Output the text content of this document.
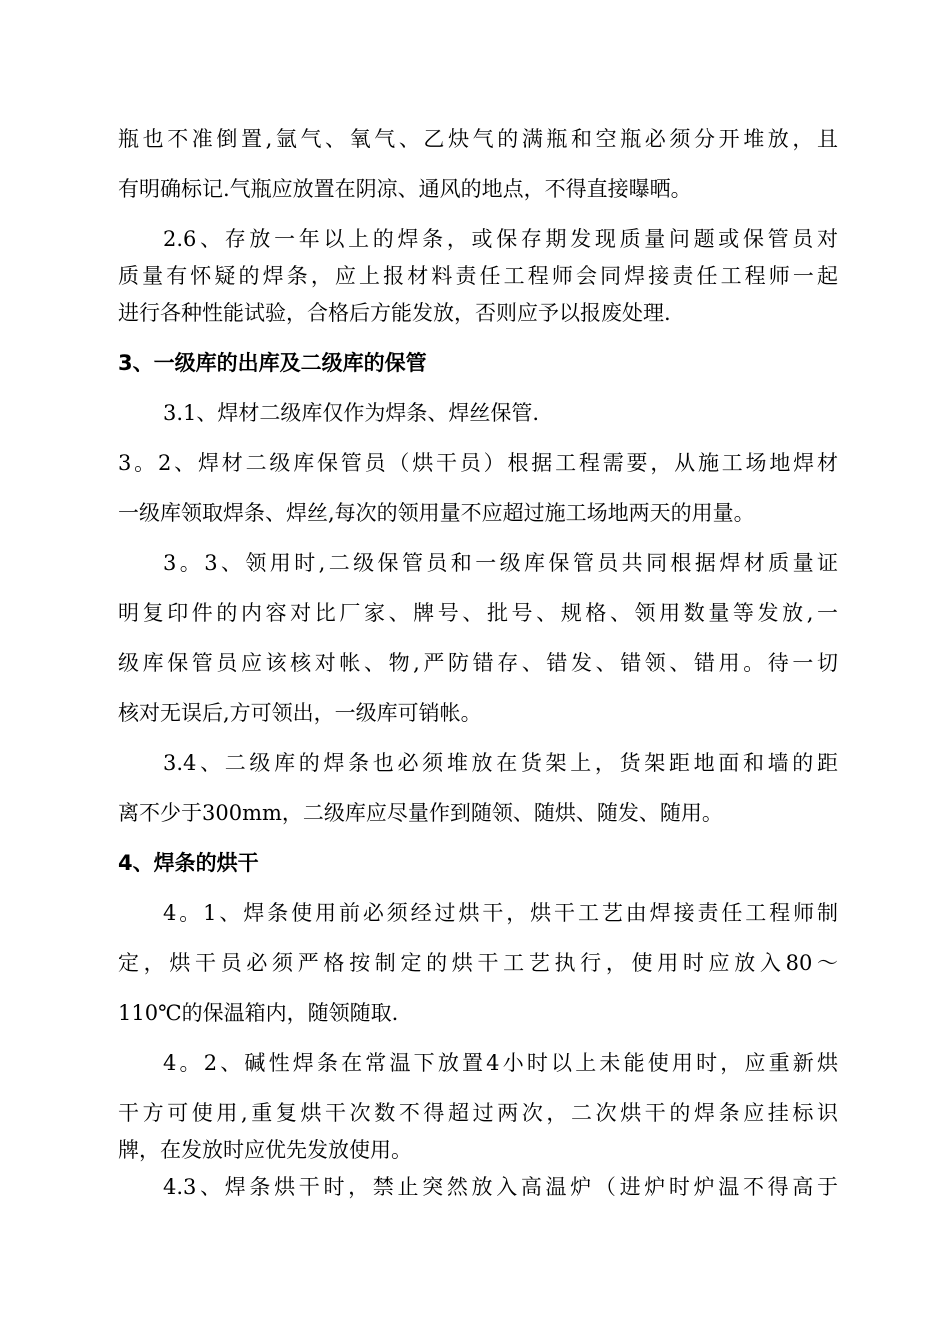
瓶也不准倒置,氩气、氧气、乙炔气的满瓶和空瓶必须分开堆放，且
有明确标记.气瓶应放置在阴凉、通风的地点，不得直接曝晒。
2.6、存放一年以上的焊条，或保存期发现质量问题或保管员对
质量有怀疑的焊条，应上报材料责任工程师会同焊接责任工程师一起
进行各种性能试验，合格后方能发放，否则应予以报废处理.
3、一级库的出库及二级库的保管
3.1、焊材二级库仅作为焊条、焊丝保管.
3。2、焊材二级库保管员（烘干员）根据工程需要，从施工场地焊材
一级库领取焊条、焊丝,每次的领用量不应超过施工场地两天的用量。
3。3、领用时,二级保管员和一级库保管员共同根据焊材质量证
明复印件的内容对比厂家、牌号、批号、规格、领用数量等发放,一
级库保管员应该核对帐、物,严防错存、错发、错领、错用。待一切
核对无误后,方可领出，一级库可销帐。
3.4、二级库的焊条也必须堆放在货架上，货架距地面和墙的距
离不少于300mm，二级库应尽量作到随领、随烘、随发、随用。
4、焊条的烘干
4。1、焊条使用前必须经过烘干，烘干工艺由焊接责任工程师制
定，烘干员必须严格按制定的烘干工艺执行，使用时应放入80～
110℃的保温箱内，随领随取.
4。2、碱性焊条在常温下放置4小时以上未能使用时，应重新烘
干方可使用,重复烘干次数不得超过两次，二次烘干的焊条应挂标识
牌，在发放时应优先发放使用。
4.3、焊条烘干时，禁止突然放入高温炉（进炉时炉温不得高于
